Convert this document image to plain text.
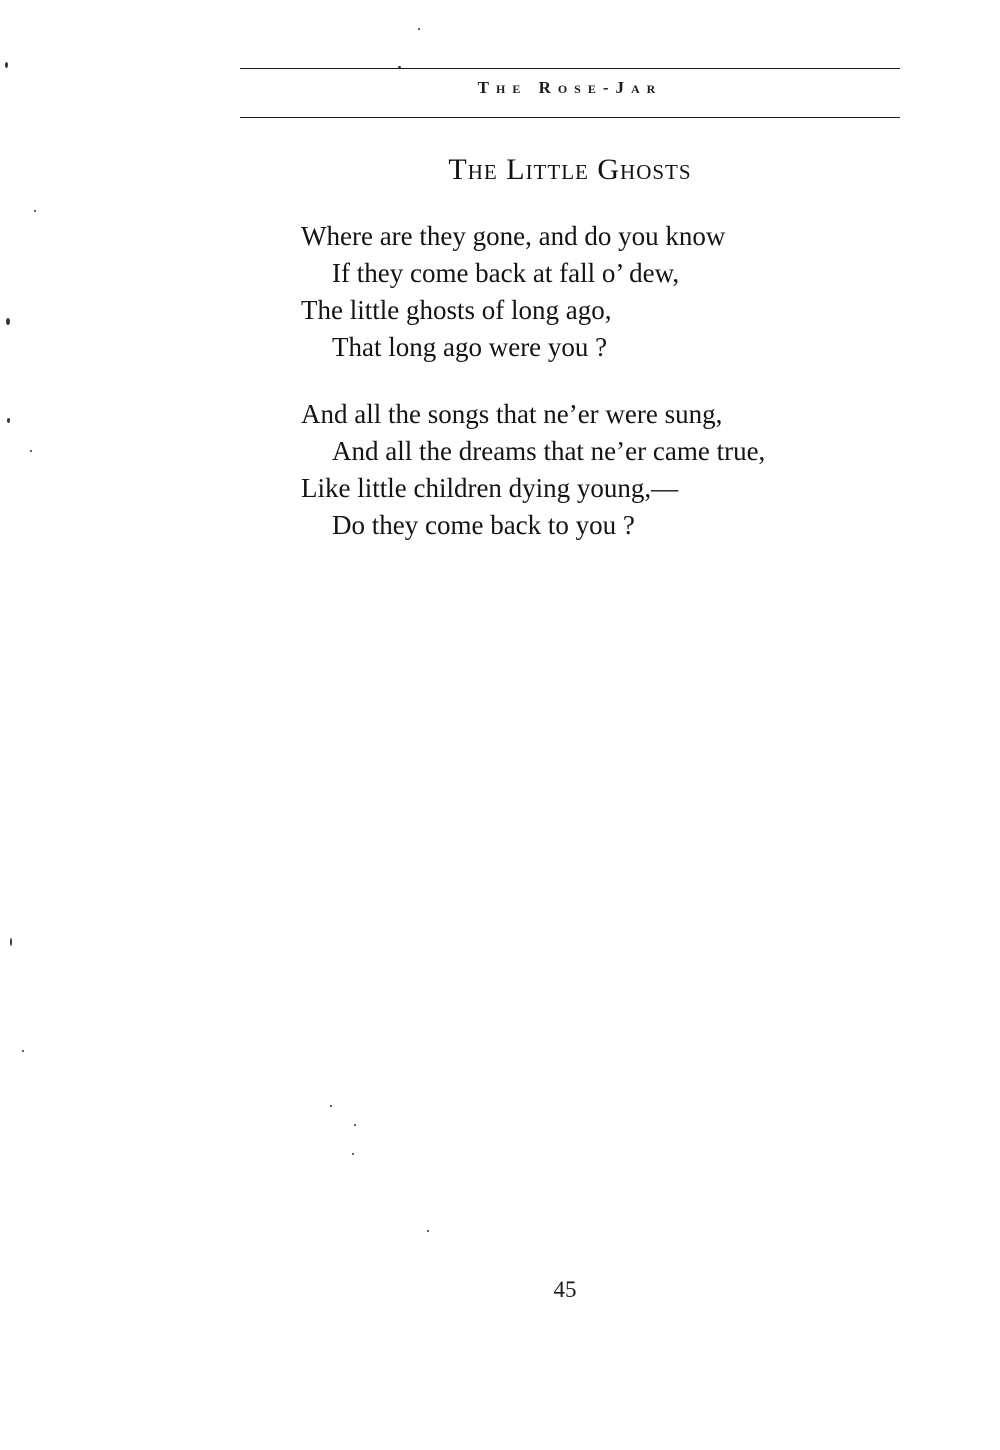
The Rose-Jar
The Little Ghosts
Where are they gone, and do you know
If they come back at fall o’ dew,
The little ghosts of long ago,
That long ago were you ?
And all the songs that ne’er were sung,
And all the dreams that ne’er came true,
Like little children dying young,—
Do they come back to you ?
45
